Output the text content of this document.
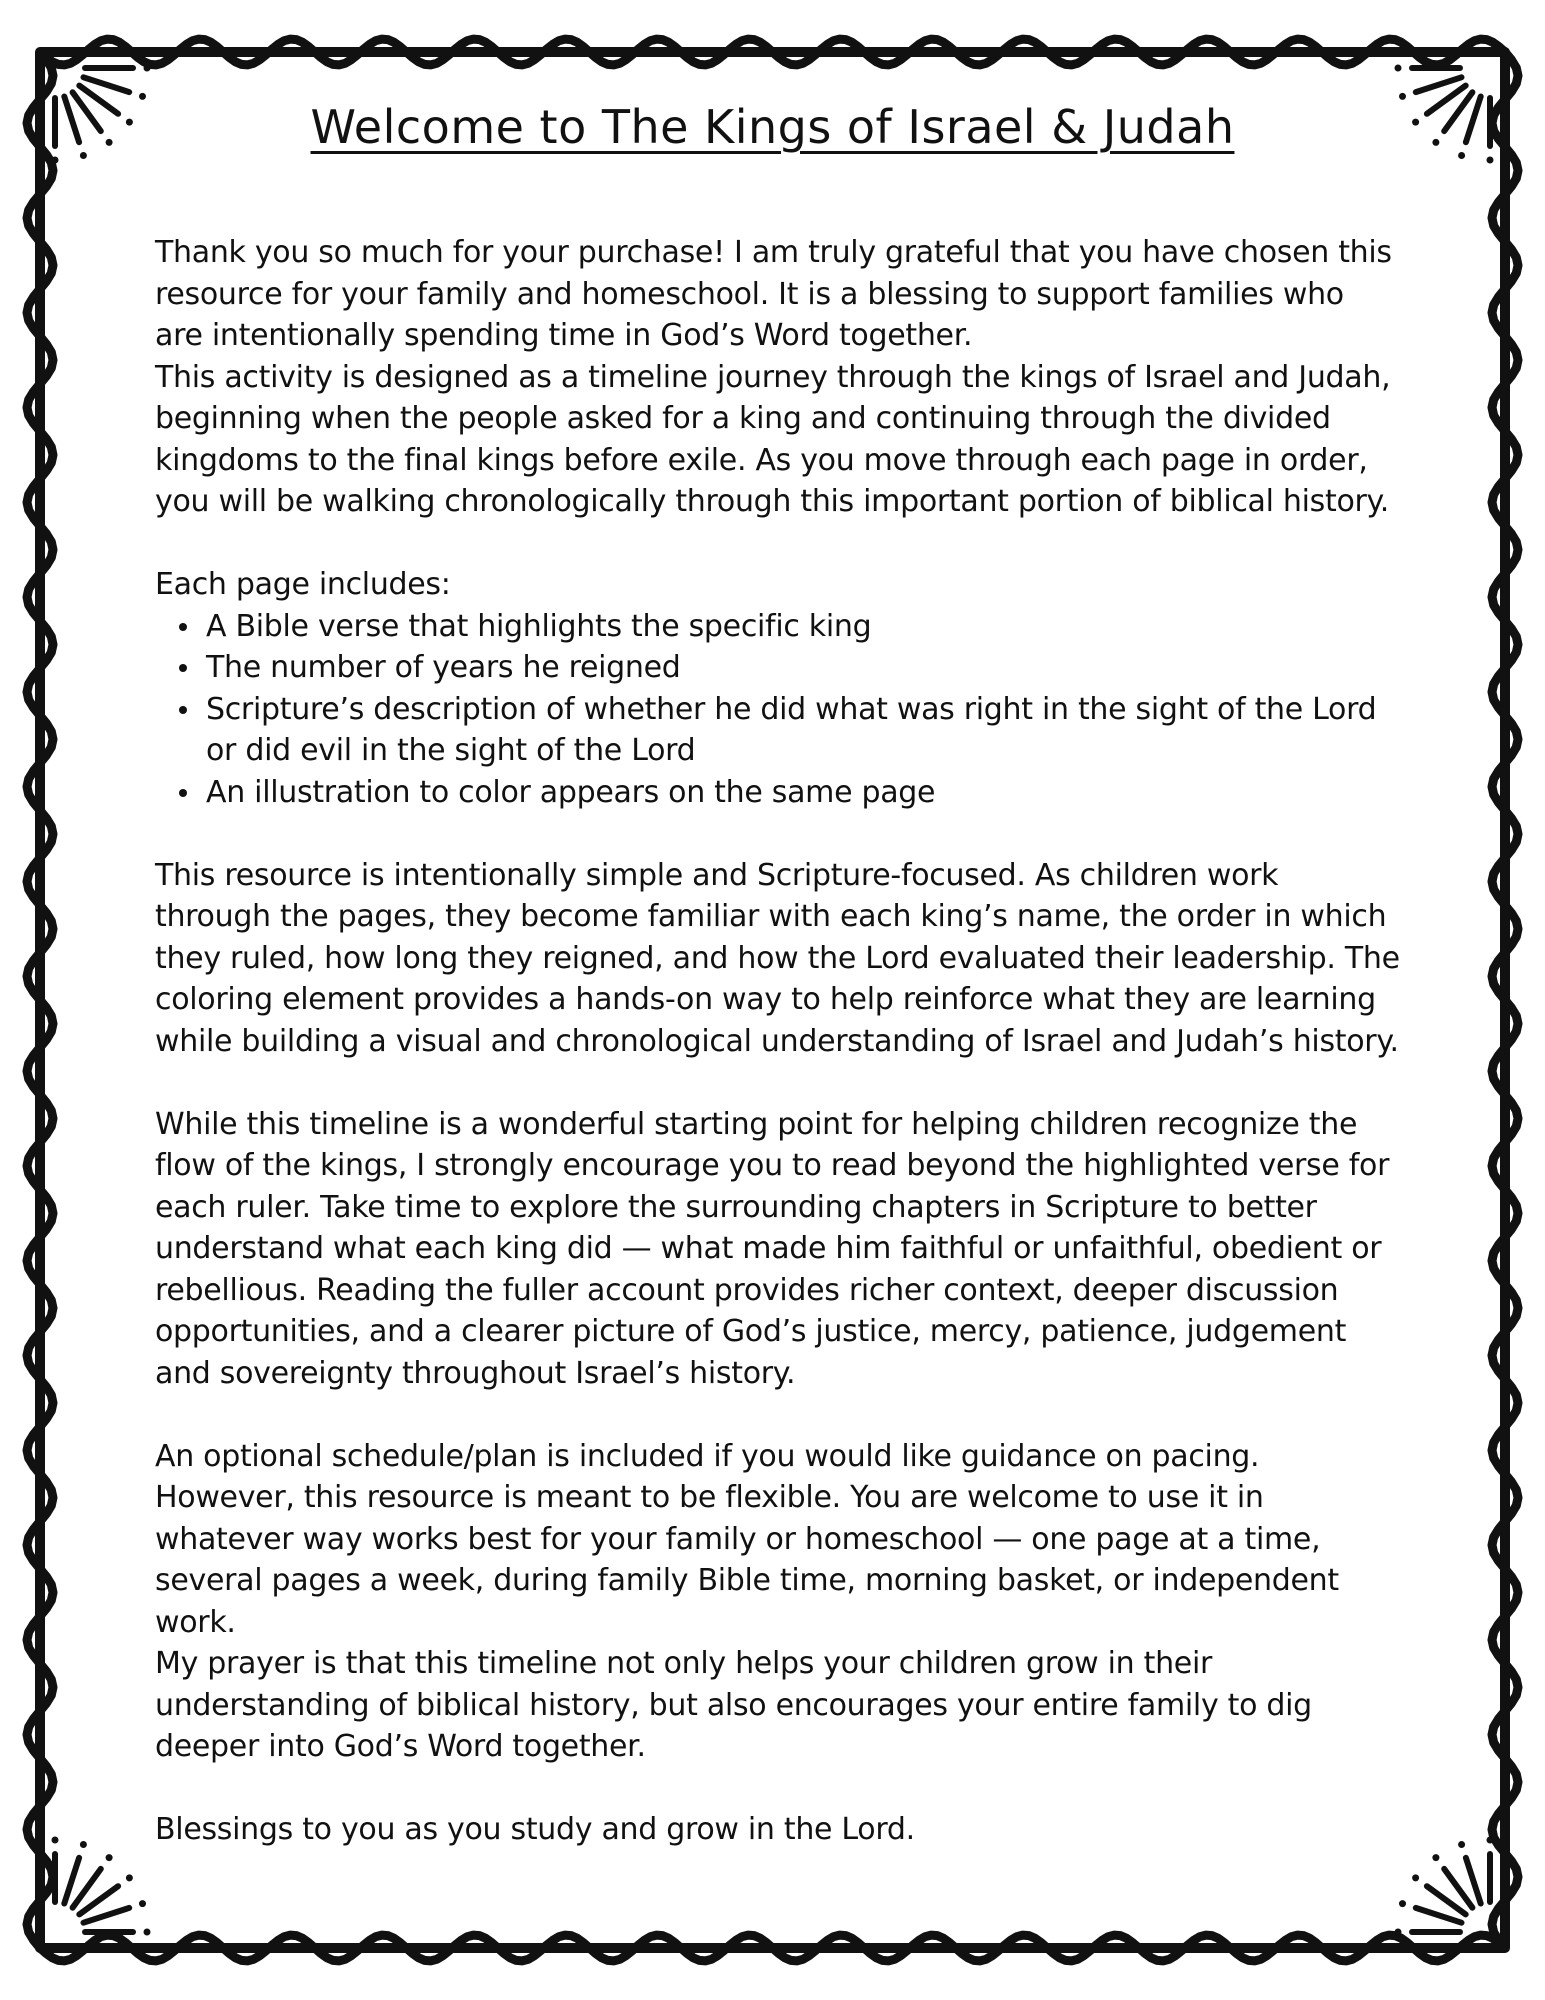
Welcome to The Kings of Israel & Judah

Thank you so much for your purchase! I am truly grateful that you have chosen this resource for your family and homeschool. It is a blessing to support families who are intentionally spending time in God’s Word together.

This activity is designed as a timeline journey through the kings of Israel and Judah, beginning when the people asked for a king and continuing through the divided kingdoms to the final kings before exile. As you move through each page in order, you will be walking chronologically through this important portion of biblical history.

Each page includes:

A Bible verse that highlights the specific king
The number of years he reigned
Scripture’s description of whether he did what was right in the sight of the Lord or did evil in the sight of the Lord
An illustration to color appears on the same page

This resource is intentionally simple and Scripture-focused. As children work through the pages, they become familiar with each king’s name, the order in which they ruled, how long they reigned, and how the Lord evaluated their leadership. The coloring element provides a hands-on way to help reinforce what they are learning while building a visual and chronological understanding of Israel and Judah’s history.

While this timeline is a wonderful starting point for helping children recognize the flow of the kings, I strongly encourage you to read beyond the highlighted verse for each ruler. Take time to explore the surrounding chapters in Scripture to better understand what each king did — what made him faithful or unfaithful, obedient or rebellious. Reading the fuller account provides richer context, deeper discussion opportunities, and a clearer picture of God’s justice, mercy, patience, judgement and sovereignty throughout Israel’s history.

An optional schedule/plan is included if you would like guidance on pacing. However, this resource is meant to be flexible. You are welcome to use it in whatever way works best for your family or homeschool — one page at a time, several pages a week, during family Bible time, morning basket, or independent work.

My prayer is that this timeline not only helps your children grow in their understanding of biblical history, but also encourages your entire family to dig deeper into God’s Word together.

Blessings to you as you study and grow in the Lord.
